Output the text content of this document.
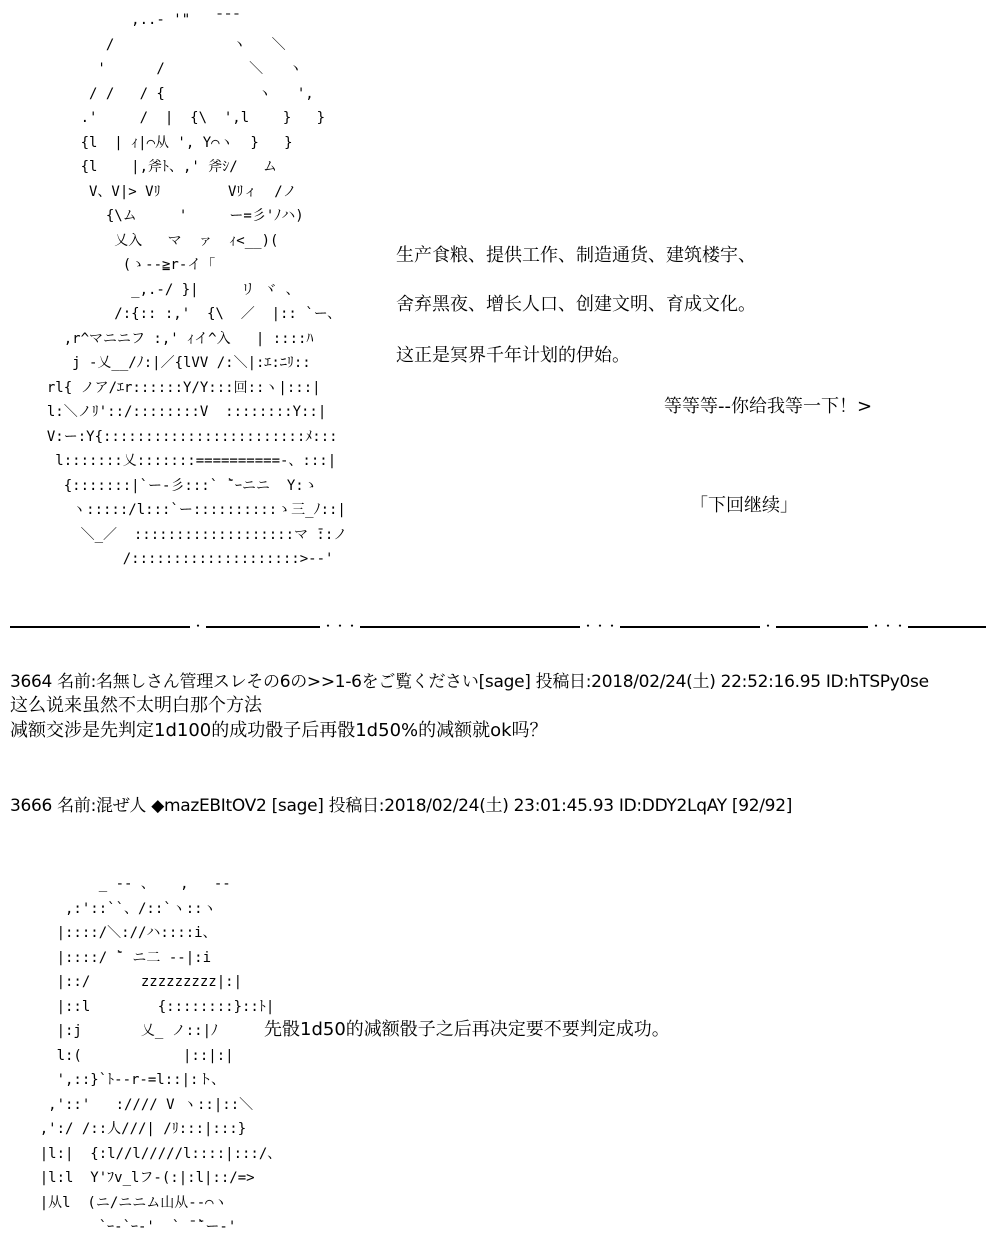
,..- '"   ̄ ̄ ̄
/              ヽ   ＼
'      /          ＼   ヽ
/ /   / {           ヽ   ',
.'     /  |  {\  ',l    }   }
{l  | ｨ|⌒从 ', Y⌒ヽ  }   }
{l    |,斧ﾄ、,' 斧ｼ/   ム
V、V|> Vﾘ        Vﾘィ  /ノ
{\ム     '     ー=彡'ﾉハ)
乂入   マ  ァ  ｨ<__)(
(ゝ-‐≧r‐イ「
_,.-/ }|     リ ヾ 、
/:{:: :,'  {\  ／  |:: `ー、
,r^マニニフ :,' ｨイ^入   | ::::ﾊ
j -乂__/ﾉ:|／{lVV /:＼|:ｴ:ﾆﾘ::
rl{ ノア/ｴr::::::Y/Y:::回::ヽ|:::|
l:＼ノﾘ'::/::::::::V  ::::::::Y::|
V:ー:Y{::::::::::::::::::::::::ﾒ:::
l:::::::乂:::::::==========-、:::|
{:::::::|`ー‐彡:::` ̄`ｰニニ  Y:ゝ
ヽ:::::/l:::`ー::::::::::ゝ三_ﾉ::|
＼_／  :::::::::::::::::::マ ̄::ノ
/::::::::::::::::::::>‐-'
生产食粮、提供工作、制造通货、建筑楼宇、
舍弃黑夜、增长人口、创建文明、育成文化。
这正是冥界千年计划的伊始。
等等等--你给我等一下！>
「下回继续」
・	・・・	・・・	・	・・・
3664 名前:名無しさん管理スレその6の>>1-6をご覧ください[sage] 投稿日:2018/02/24(土) 22:52:16.95 ID:hTSPy0se
这么说来虽然不太明白那个方法
减额交涉是先判定1d100的成功骰子后再骰1d50%的减额就ok吗？
3666 名前:混ぜ人 ◆mazEBItOV2 [sage] 投稿日:2018/02/24(土) 23:01:45.93 ID:DDY2LqAY [92/92]
_ -‐ 、   ,   -‐
,:'::``、/::`ヽ::ヽ
|::::/＼://ハ::::i、
|::::/ ̄` ニ二 --|:i
|::/      zzzzzzzzz|:|
|::l        {::::::::}::ﾄ|
|:j       乂_ ノ::|ﾉ
l:(            |::|:|
',::}`ﾄ--r‐=l::|:ト、
,'::'   ://// V ヽ::|::＼
,':/ /::人///| /ﾘ:::|:::}
|l:|  {:l//l/////l::::|:::/、
|l:l  Y'ﾌv_lフ-(:|:l|::/=>
|从l  (ニ/ニニム山从--⌒ヽ
`ｰ‐`ｰ‐'  ` ̄ ̄`ー‐'
先骰1d50的减额骰子之后再决定要不要判定成功。
